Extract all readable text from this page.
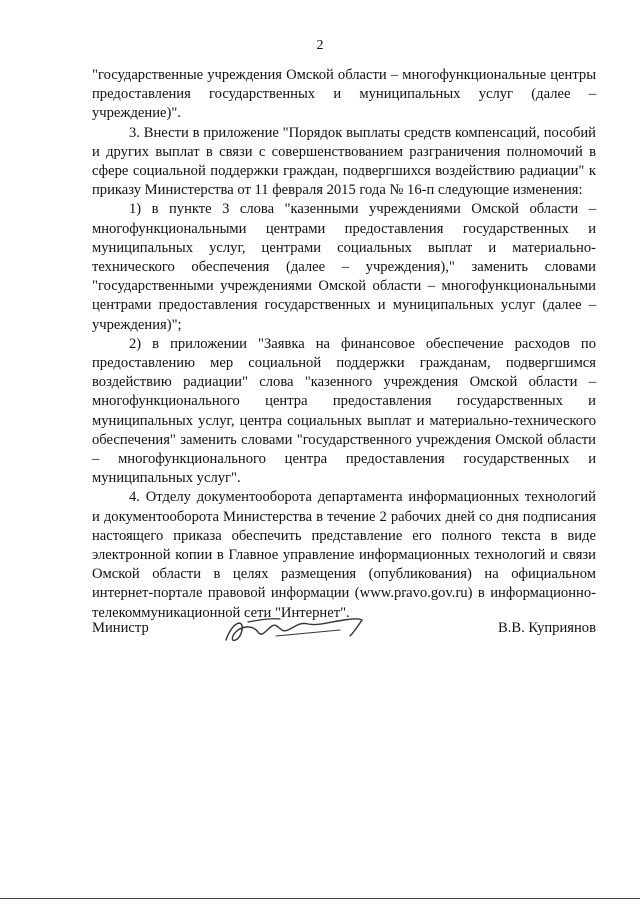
2

"государственные учреждения Омской области – многофункциональные центры предоставления государственных и муниципальных услуг (далее – учреждение)".

3. Внести в приложение "Порядок выплаты средств компенсаций, пособий и других выплат в связи с совершенствованием разграничения полномочий в сфере социальной поддержки граждан, подвергшихся воздействию радиации" к приказу Министерства от 11 февраля 2015 года № 16-п следующие изменения:

1) в пункте 3 слова "казенными учреждениями Омской области – многофункциональными центрами предоставления государственных и муниципальных услуг, центрами социальных выплат и материально-технического обеспечения (далее – учреждения)," заменить словами "государственными учреждениями Омской области – многофункциональными центрами предоставления государственных и муниципальных услуг (далее – учреждения)";

2) в приложении "Заявка на финансовое обеспечение расходов по предоставлению мер социальной поддержки гражданам, подвергшимся воздействию радиации" слова "казенного учреждения Омской области – многофункционального центра предоставления государственных и муниципальных услуг, центра социальных выплат и материально-технического обеспечения" заменить словами "государственного учреждения Омской области – многофункционального центра предоставления государственных и муниципальных услуг".

4. Отделу документооборота департамента информационных технологий и документооборота Министерства в течение 2 рабочих дней со дня подписания настоящего приказа обеспечить представление его полного текста в виде электронной копии в Главное управление информационных технологий и связи Омской области в целях размещения (опубликования) на официальном интернет-портале правовой информации (www.pravo.gov.ru) в информационно-телекоммуникационной сети "Интернет".

Министр	В.В. Куприянов
